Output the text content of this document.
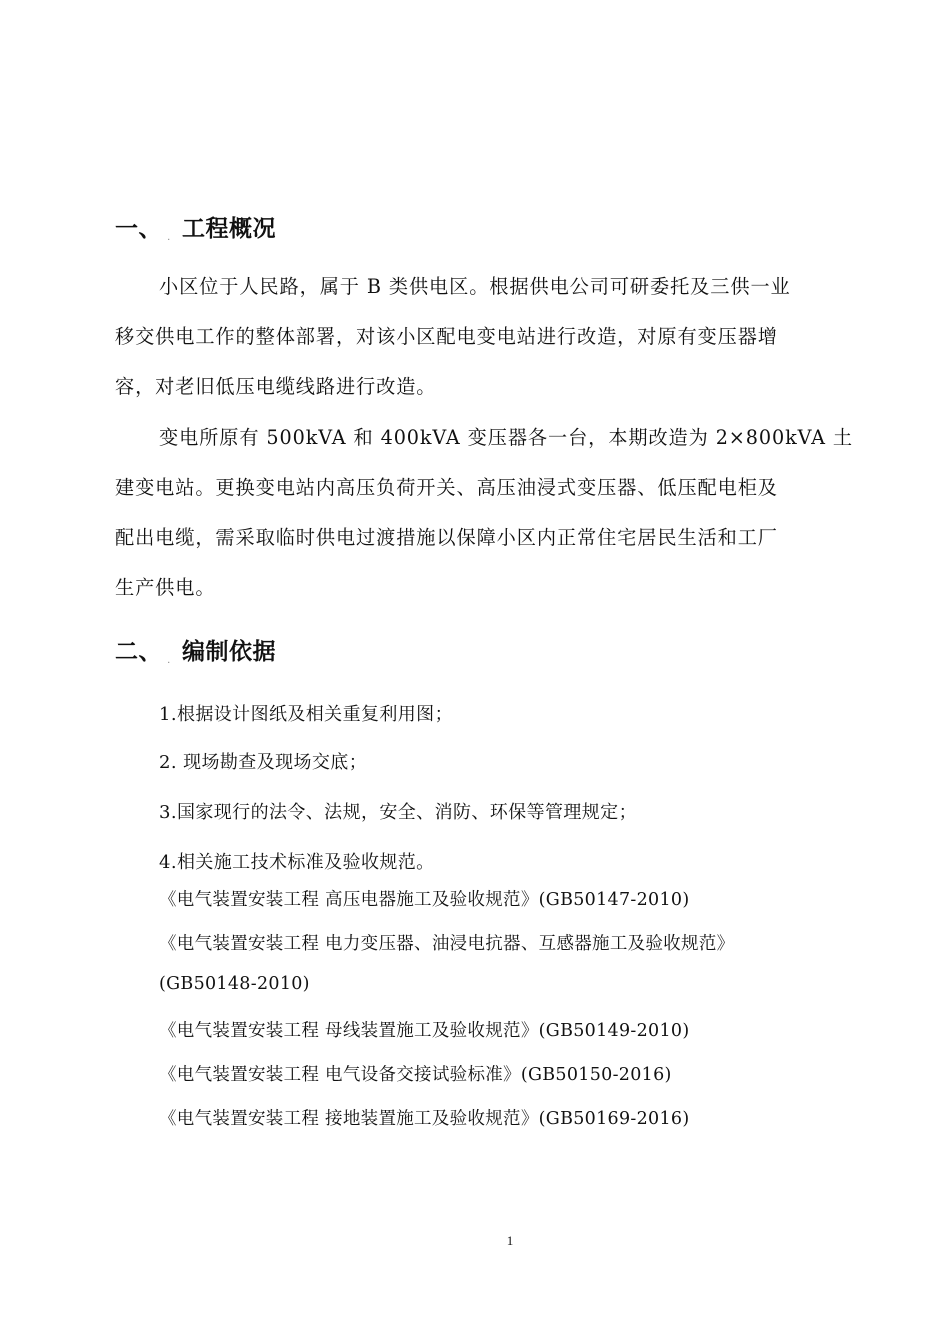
一、 . 工程概况
小区位于人民路，属于 B 类供电区。根据供电公司可研委托及三供一业
移交供电工作的整体部署，对该小区配电变电站进行改造，对原有变压器增
容，对老旧低压电缆线路进行改造。
变电所原有 500kVA 和 400kVA 变压器各一台，本期改造为 2×800kVA 土
建变电站。更换变电站内高压负荷开关、高压油浸式变压器、低压配电柜及
配出电缆，需采取临时供电过渡措施以保障小区内正常住宅居民生活和工厂
生产供电。
二、 . 编制依据
1.根据设计图纸及相关重复利用图；
2. 现场勘查及现场交底；
3.国家现行的法令、法规，安全、消防、环保等管理规定；
4.相关施工技术标准及验收规范。
《电气装置安装工程 高压电器施工及验收规范》(GB50147-2010)
《电气装置安装工程 电力变压器、油浸电抗器、互感器施工及验收规范》
(GB50148-2010)
《电气装置安装工程 母线装置施工及验收规范》(GB50149-2010)
《电气装置安装工程 电气设备交接试验标准》(GB50150-2016)
《电气装置安装工程 接地装置施工及验收规范》(GB50169-2016)
1
